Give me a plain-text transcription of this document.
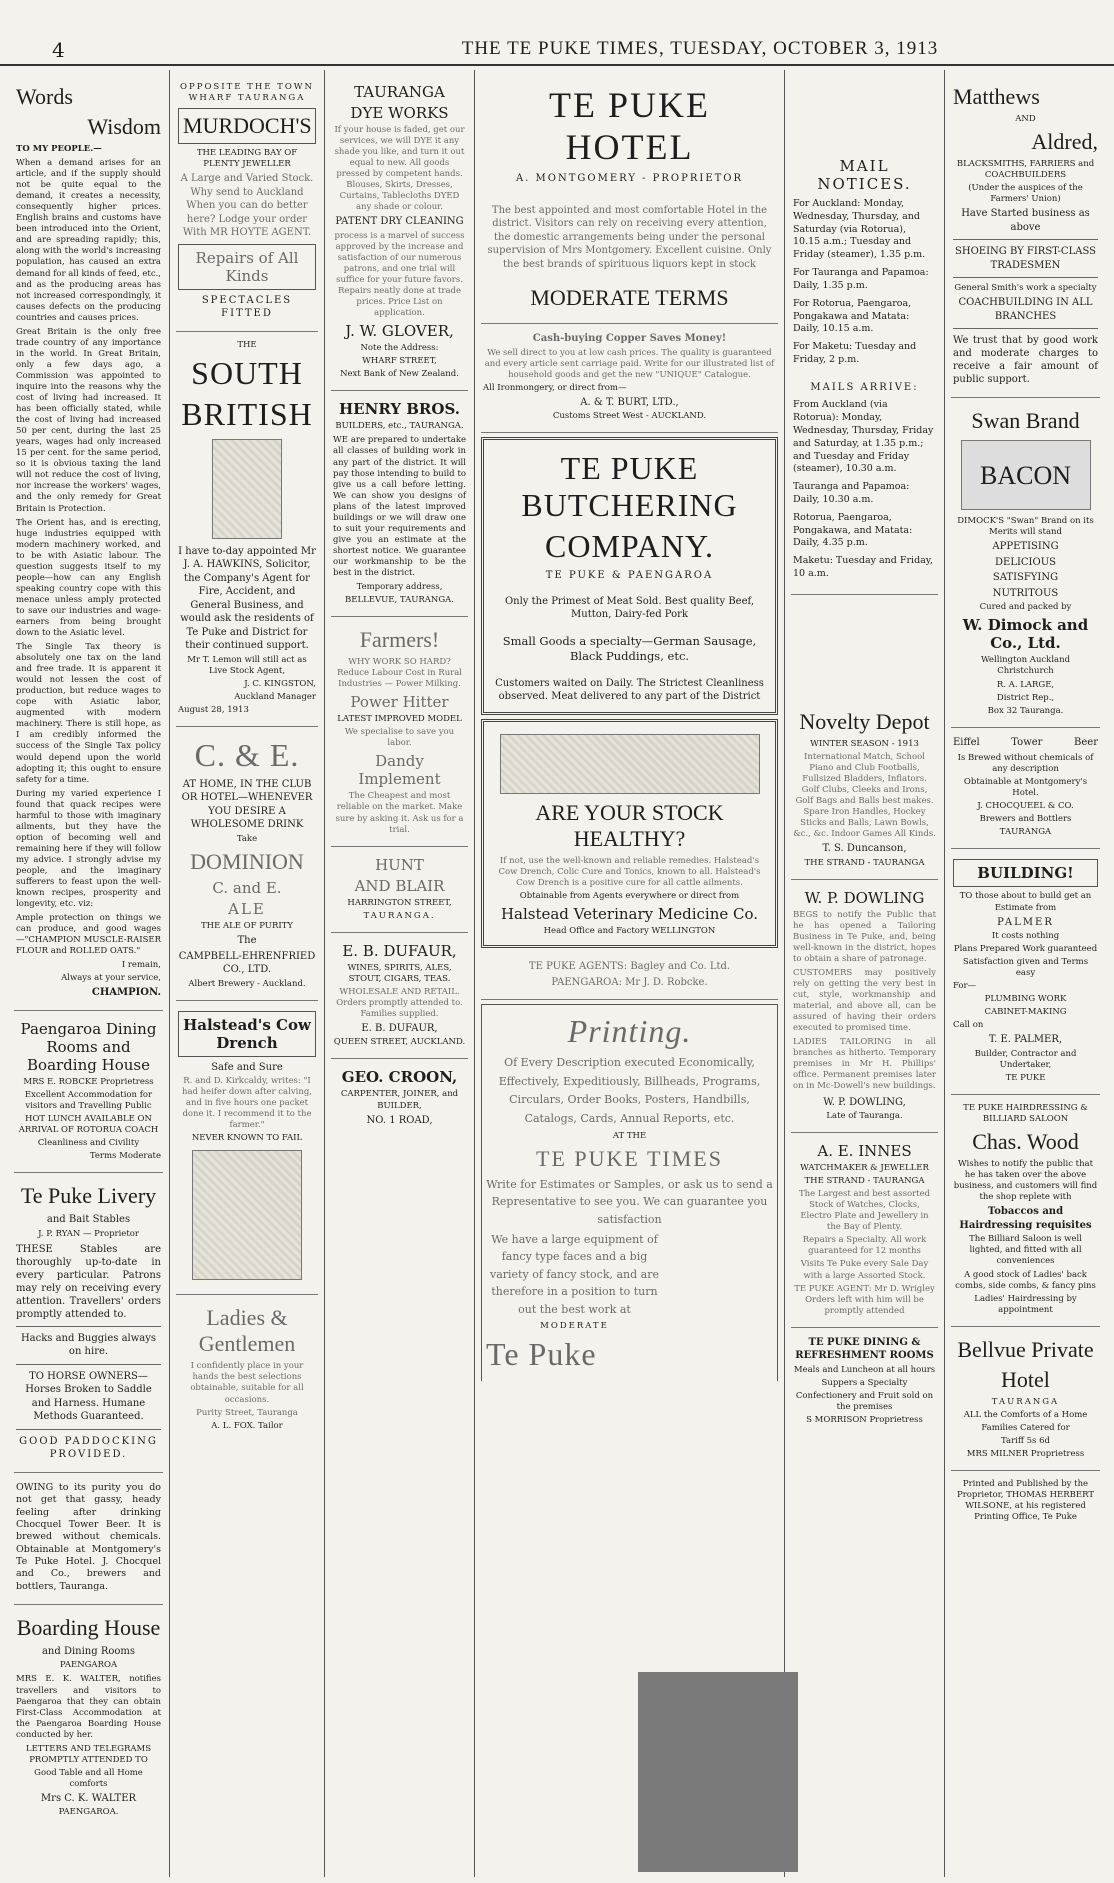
4	THE TE PUKE TIMES, TUESDAY, OCTOBER 3, 1913
Words
Wisdom
TO MY PEOPLE.—

When a demand arises for an article, and if the supply should not be quite equal to the demand, it creates a necessity, consequently higher prices. English brains and customs have been introduced into the Orient, and are spreading rapidly; this, along with the world's increasing population, has caused an extra demand for all kinds of feed, etc., and as the producing areas has not increased correspondingly, it causes defects on the producing countries and causes prices.

Great Britain is the only free trade country of any importance in the world. In Great Britain, only a few days ago, a Commission was appointed to inquire into the reasons why the cost of living had increased. It has been officially stated, while the cost of living had increased 50 per cent, during the last 25 years, wages had only increased 15 per cent. for the same period, so it is obvious taxing the land will not reduce the cost of living, nor increase the workers' wages, and the only remedy for Great Britain is Protection.

The Orient has, and is erecting, huge industries equipped with modern machinery worked, and to be with Asiatic labour. The question suggests itself to my people—how can any English speaking country cope with this menace unless amply protected to save our industries and wage-earners from being brought down to the Asiatic level.

The Single Tax theory is absolutely one tax on the land and free trade. It is apparent it would not lessen the cost of production, but reduce wages to cope with Asiatic labor, augmented with modern machinery. There is still hope, as I am credibly informed the success of the Single Tax policy would depend upon the world adopting it; this ought to ensure safety for a time.

During my varied experience I found that quack recipes were harmful to those with imaginary ailments, but they have the option of becoming well and remaining here if they will follow my advice. I strongly advise my people, and the imaginary sufferers to feast upon the well-known recipes, prosperity and longevity, etc. viz:

Ample protection on things we can produce, and good wages—"CHAMPION MUSCLE-RAISER FLOUR and ROLLED OATS."

I remain,
Always at your service,
CHAMPION.
Paengaroa Dining Rooms and Boarding House
MRS E. ROBCKE Proprietress
Excellent Accommodation for visitors and Travelling Public
HOT LUNCH AVAILABLE ON ARRIVAL OF ROTORUA COACH
Cleanliness and Civility
Terms Moderate
Te Puke Livery
and Bait Stables
J. P. RYAN — Proprietor

THESE Stables are thoroughly up-to-date in every particular. Patrons may rely on receiving every attention. Travellers' orders promptly attended to.

Hacks and Buggies always on hire.
TO HORSE OWNERS— Horses Broken to Saddle and Harness. Humane Methods Guaranteed.
GOOD PADDOCKING PROVIDED.

OWING to its purity you do not get that gassy, heady feeling after drinking Chocquel Tower Beer. It is brewed without chemicals. Obtainable at Montgomery's Te Puke Hotel. J. Chocquel and Co., brewers and bottlers, Tauranga.

Boarding House
and Dining Rooms
PAENGAROA

MRS E. K. WALTER, notifies travellers and visitors to Paengaroa that they can obtain First-Class Accommodation at the Paengaroa Boarding House conducted by her.

LETTERS AND TELEGRAMS PROMPTLY ATTENDED TO
Good Table and all Home comforts
Mrs C. K. WALTER
PAENGAROA.
OPPOSITE THE TOWN WHARF TAURANGA
MURDOCH'S
THE LEADING BAY OF PLENTY JEWELLER

A Large and Varied Stock. Why send to Auckland When you can do better here? Lodge your order With MR HOYTE AGENT.

Repairs of All Kinds
SPECTACLES FITTED
THE
SOUTH
BRITISH

I have to-day appointed Mr J. A. HAWKINS, Solicitor, the Company's Agent for Fire, Accident, and General Business, and would ask the residents of Te Puke and District for their continued support.

Mr T. Lemon will still act as Live Stock Agent,

J. C. KINGSTON,
Auckland Manager
August 28, 1913
C. & E.

AT HOME, IN THE CLUB OR HOTEL—WHENEVER YOU DESIRE A WHOLESOME DRINK

Take
DOMINION
C. and E.
ALE
THE ALE OF PURITY
The
CAMPBELL-EHRENFRIED CO., LTD.
Albert Brewery - Auckland.
Halstead's Cow Drench
Safe and Sure

R. and D. Kirkcaldy, writes: "I had heifer down after calving, and in five hours one packet done it. I recommend it to the farmer."

NEVER KNOWN TO FAIL
Ladies & Gentlemen

I confidently place in your hands the best selections obtainable, suitable for all occasions.

Purity Street, Tauranga
A. L. FOX. Tailor
TAURANGA
DYE WORKS

If your house is faded, get our services, we will DYE it any shade you like, and turn it out equal to new. All goods pressed by competent hands. Blouses, Skirts, Dresses, Curtains, Tablecloths DYED any shade or colour.

PATENT DRY CLEANING

process is a marvel of success approved by the increase and satisfaction of our numerous patrons, and one trial will suffice for your future favors. Repairs neatly done at trade prices. Price List on application.

J. W. GLOVER,
Note the Address:
WHARF STREET,
Next Bank of New Zealand.
HENRY BROS.
BUILDERS, etc., TAURANGA.

WE are prepared to undertake all classes of building work in any part of the district. It will pay those intending to build to give us a call before letting. We can show you designs of plans of the latest improved buildings or we will draw one to suit your requirements and give you an estimate at the shortest notice. We guarantee our workmanship to be the best in the district.

Temporary address,
BELLEVUE, TAURANGA.
Farmers!

WHY WORK SO HARD? Reduce Labour Cost in Rural Industries — Power Milking.

Power Hitter
LATEST IMPROVED MODEL
We specialise to save you labor.
Dandy Implement

The Cheapest and most reliable on the market. Make sure by asking it. Ask us for a trial.

HUNT
AND BLAIR
HARRINGTON STREET,
TAURANGA.
E. B. DUFAUR,
WINES, SPIRITS, ALES, STOUT, CIGARS, TEAS.

WHOLESALE AND RETAIL. Orders promptly attended to. Families supplied.

E. B. DUFAUR,
QUEEN STREET, AUCKLAND.
GEO. CROON,
CARPENTER, JOINER, and BUILDER,
NO. 1 ROAD,
TE PUKE HOTEL
A. MONTGOMERY - PROPRIETOR

The best appointed and most comfortable Hotel in the district. Visitors can rely on receiving every attention, the domestic arrangements being under the personal supervision of Mrs Montgomery. Excellent cuisine. Only the best brands of spirituous liquors kept in stock

MODERATE TERMS
Cash-buying Copper Saves Money!

We sell direct to you at low cash prices. The quality is guaranteed and every article sent carriage paid. Write for our illustrated list of household goods and get the new "UNIQUE" Catalogue.

All Ironmongery, or direct from—
A. & T. BURT, LTD.,
Customs Street West - AUCKLAND.
TE PUKE BUTCHERING
COMPANY.
TE PUKE & PAENGAROA

Only the Primest of Meat Sold. Best quality Beef, Mutton, Dairy-fed Pork

Small Goods a specialty—German Sausage, Black Puddings, etc.

Customers waited on Daily. The Strictest Cleanliness observed. Meat delivered to any part of the District

ARE YOUR STOCK HEALTHY?

If not, use the well-known and reliable remedies. Halstead's Cow Drench, Colic Cure and Tonics, known to all. Halstead's Cow Drench is a positive cure for all cattle ailments.

Obtainable from Agents everywhere or direct from
Halstead Veterinary Medicine Co.
Head Office and Factory WELLINGTON
TE PUKE AGENTS: Bagley and Co. Ltd.
PAENGAROA: Mr J. D. Robcke.
Printing.

Of Every Description executed Economically, Effectively, Expeditiously, Billheads, Programs, Circulars, Order Books, Posters, Handbills, Catalogs, Cards, Annual Reports, etc.

AT THE
TE PUKE TIMES

Write for Estimates or Samples, or ask us to send a Representative to see you. We can guarantee you satisfaction

We have a large equipment of fancy type faces and a big variety of fancy stock, and are therefore in a position to turn out the best work at

MODERATE
Te Puke
MAIL NOTICES.
For Auckland: Monday, Wednesday, Thursday, and Saturday (via Rotorua), 10.15 a.m.; Tuesday and Friday (steamer), 1.35 p.m.
For Tauranga and Papamoa: Daily, 1.35 p.m.
For Rotorua, Paengaroa, Pongakawa and Matata: Daily, 10.15 a.m.
For Maketu: Tuesday and Friday, 2 p.m.
MAILS ARRIVE:
From Auckland (via Rotorua): Monday, Wednesday, Thursday, Friday and Saturday, at 1.35 p.m.; and Tuesday and Friday (steamer), 10.30 a.m.
Tauranga and Papamoa: Daily, 10.30 a.m.
Rotorua, Paengaroa, Pongakawa, and Matata: Daily, 4.35 p.m.
Maketu: Tuesday and Friday, 10 a.m.
Novelty Depot
WINTER SEASON - 1913

International Match, School Piano and Club Footballs, Fullsized Bladders, Inflators. Golf Clubs, Cleeks and Irons, Golf Bags and Balls best makes. Spare Iron Handles, Hockey Sticks and Balls, Lawn Bowls, &c., &c. Indoor Games All Kinds.

T. S. Duncanson,
THE STRAND - TAURANGA
W. P. DOWLING

BEGS to notify the Public that he has opened a Tailoring Business in Te Puke, and, being well-known in the district, hopes to obtain a share of patronage.

CUSTOMERS may positively rely on getting the very best in cut, style, workmanship and material, and above all, can be assured of having their orders executed to promised time.

LADIES TAILORING in all branches as hitherto. Temporary premises in Mr H. Phillips' office. Permanent premises later on in Mc-Dowell's new buildings.

W. P. DOWLING,
Late of Tauranga.
A. E. INNES
WATCHMAKER & JEWELLER
THE STRAND - TAURANGA

The Largest and best assorted Stock of Watches, Clocks, Electro Plate and Jewellery in the Bay of Plenty.

Repairs a Specialty. All work guaranteed for 12 months

Visits Te Puke every Sale Day with a large Assorted Stock.

TE PUKE AGENT: Mr D. Wrigley Orders left with him will be promptly attended

TE PUKE DINING & REFRESHMENT ROOMS
Meals and Luncheon at all hours
Suppers a Specialty
Confectionery and Fruit sold on the premises
S MORRISON Proprietress
Matthews
AND
Aldred,
BLACKSMITHS, FARRIERS and COACHBUILDERS
(Under the auspices of the Farmers' Union)
Have Started business as above
SHOEING BY FIRST-CLASS TRADESMEN
General Smith's work a specialty
COACHBUILDING IN ALL BRANCHES

We trust that by good work and moderate charges to receive a fair amount of public support.

Swan Brand
BACON
DIMOCK'S "Swan" Brand on its Merits will stand
APPETISING
DELICIOUS
SATISFYING
NUTRITOUS
Cured and packed by
W. Dimock and Co., Ltd.
Wellington Auckland Christchurch
R. A. LARGE,
District Rep.,
Box 32 Tauranga.
Eiffel	Tower	Beer
Is Brewed without chemicals of any description
Obtainable at Montgomery's Hotel.
J. CHOCQUEEL & CO.
Brewers and Bottlers
TAURANGA
BUILDING!
TO those about to build get an Estimate from
PALMER
It costs nothing
Plans Prepared Work guaranteed
Satisfaction given and Terms easy
For—
PLUMBING WORK
CABINET-MAKING
Call on
T. E. PALMER,
Builder, Contractor and Undertaker,
TE PUKE
TE PUKE HAIRDRESSING & BILLIARD SALOON
Chas. Wood

Wishes to notify the public that he has taken over the above business, and customers will find the shop replete with

Tobaccos and Hairdressing requisites

The Billiard Saloon is well lighted, and fitted with all conveniences

A good stock of Ladies' back combs, side combs, & fancy pins

Ladies' Hairdressing by appointment

Bellvue Private
Hotel
TAURANGA
ALL the Comforts of a Home
Families Catered for
Tariff 5s 6d
MRS MILNER Proprietress

Printed and Published by the Proprietor, THOMAS HERBERT WILSONE, at his registered Printing Office, Te Puke
